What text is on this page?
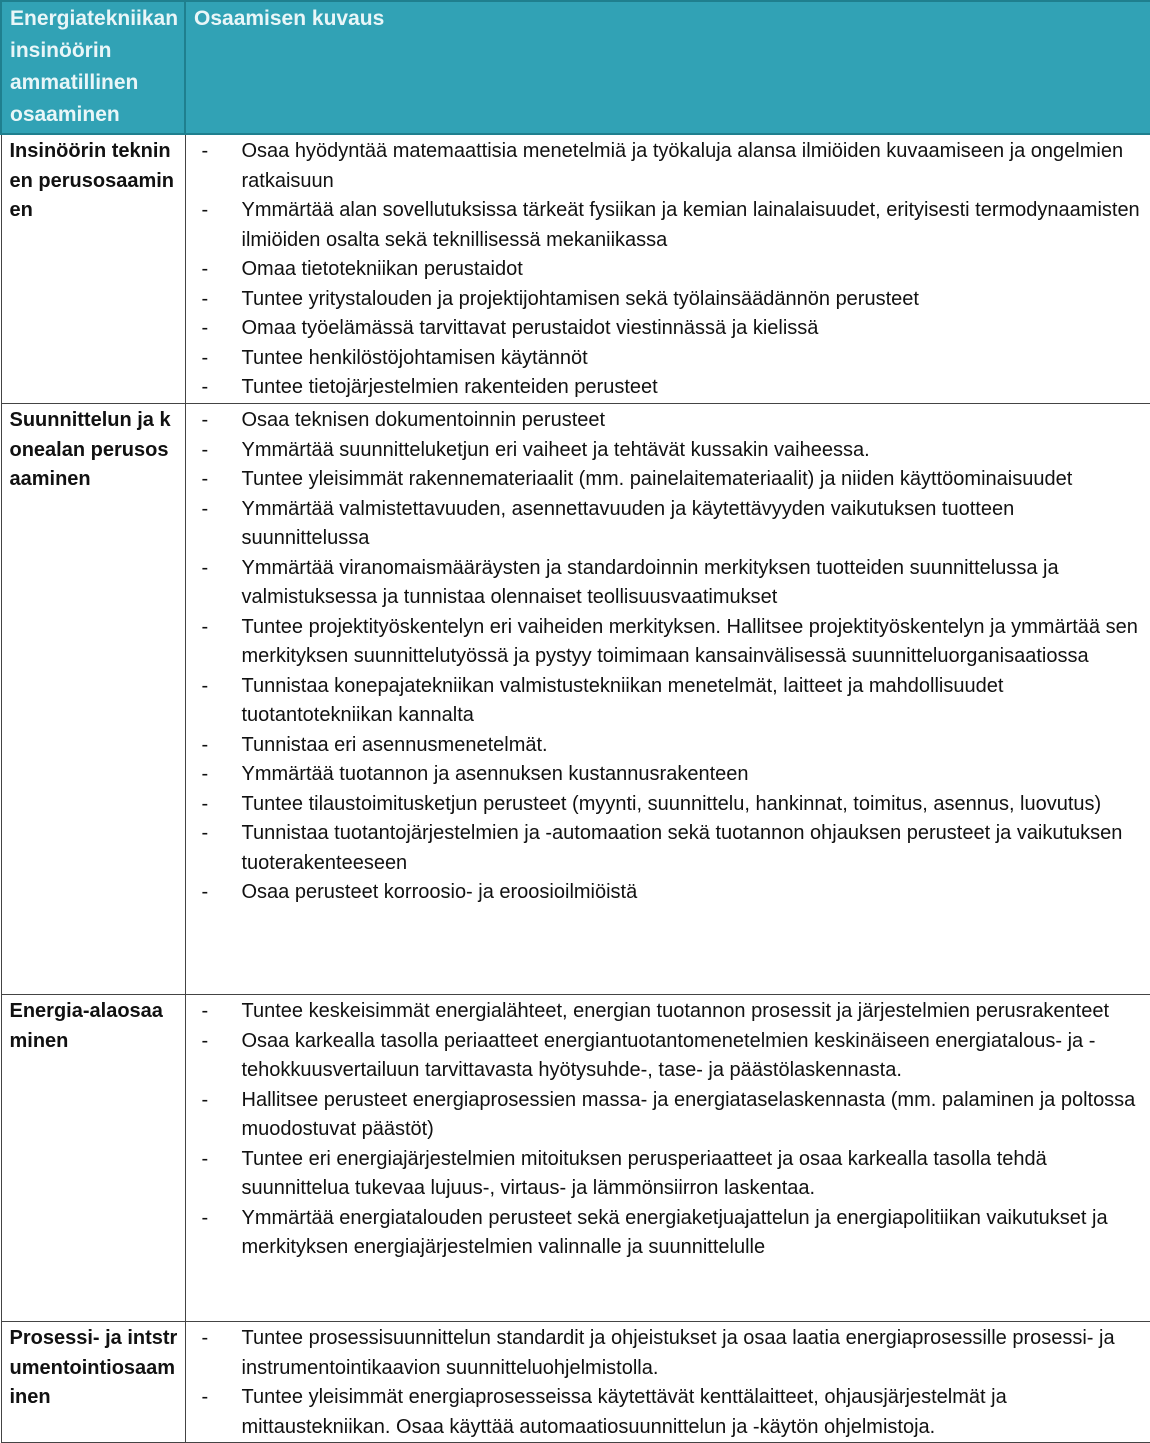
Energiatekniikan insinöörin ammatillinen osaaminen	Osaamisen kuvaus
Insinöörin tekninen perusosaaminen	
- Osaa hyödyntää matemaattisia menetelmiä ja työkaluja alansa ilmiöiden kuvaamiseen ja ongelmien ratkaisuun
- Ymmärtää alan sovellutuksissa tärkeät fysiikan ja kemian lainalaisuudet, erityisesti termodynaamisten ilmiöiden osalta sekä teknillisessä mekaniikassa
- Omaa tietotekniikan perustaidot
- Tuntee yritystalouden ja projektijohtamisen sekä työlainsäädännön perusteet
- Omaa työelämässä tarvittavat perustaidot viestinnässä ja kielissä
- Tuntee henkilöstöjohtamisen käytännöt
- Tuntee tietojärjestelmien rakenteiden perusteet

Suunnittelun ja konealan perusosaaminen	
- Osaa teknisen dokumentoinnin perusteet
- Ymmärtää suunnitteluketjun eri vaiheet ja tehtävät kussakin vaiheessa.
- Tuntee yleisimmät rakennemateriaalit (mm. painelaitemateriaalit) ja niiden käyttöominaisuudet
- Ymmärtää valmistettavuuden, asennettavuuden ja käytettävyyden vaikutuksen tuotteen suunnittelussa
- Ymmärtää viranomaismääräysten ja standardoinnin merkityksen tuotteiden suunnittelussa ja valmistuksessa ja tunnistaa olennaiset teollisuusvaatimukset
- Tuntee projektityöskentelyn eri vaiheiden merkityksen. Hallitsee projektityöskentelyn ja ymmärtää sen merkityksen suunnittelutyössä ja pystyy toimimaan kansainvälisessä suunnitteluorganisaatiossa
- Tunnistaa konepajatekniikan valmistustekniikan menetelmät, laitteet ja mahdollisuudet tuotantotekniikan kannalta
- Tunnistaa eri asennusmenetelmät.
- Ymmärtää tuotannon ja asennuksen kustannusrakenteen
- Tuntee tilaustoimitusketjun perusteet (myynti, suunnittelu, hankinnat, toimitus, asennus, luovutus)
- Tunnistaa tuotantojärjestelmien ja -automaation sekä tuotannon ohjauksen perusteet ja vaikutuksen tuoterakenteeseen
- Osaa perusteet korroosio- ja eroosioilmiöistä

Energia-alaosaaminen	
- Tuntee keskeisimmät energialähteet, energian tuotannon prosessit ja järjestelmien perusrakenteet
- Osaa karkealla tasolla periaatteet energiantuotantomenetelmien keskinäiseen energiatalous- ja -tehokkuusvertailuun tarvittavasta hyötysuhde-, tase- ja päästölaskennasta.
- Hallitsee perusteet energiaprosessien massa- ja energiataselaskennasta (mm. palaminen ja poltossa muodostuvat päästöt)
- Tuntee eri energiajärjestelmien mitoituksen perusperiaatteet ja osaa karkealla tasolla tehdä suunnittelua tukevaa lujuus-, virtaus- ja lämmönsiirron laskentaa.
- Ymmärtää energiatalouden perusteet sekä energiaketjuajattelun ja energiapolitiikan vaikutukset ja merkityksen energiajärjestelmien valinnalle ja suunnittelulle

Prosessi- ja intstrumentointiosaaminen	
- Tuntee prosessisuunnittelun standardit ja ohjeistukset ja osaa laatia energiaprosessille prosessi- ja instrumentointikaavion suunnitteluohjelmistolla.
- Tuntee yleisimmät energiaprosesseissa käytettävät kenttälaitteet, ohjausjärjestelmät ja mittaustekniikan. Osaa käyttää automaatiosuunnittelun ja -käytön ohjelmistoja.
